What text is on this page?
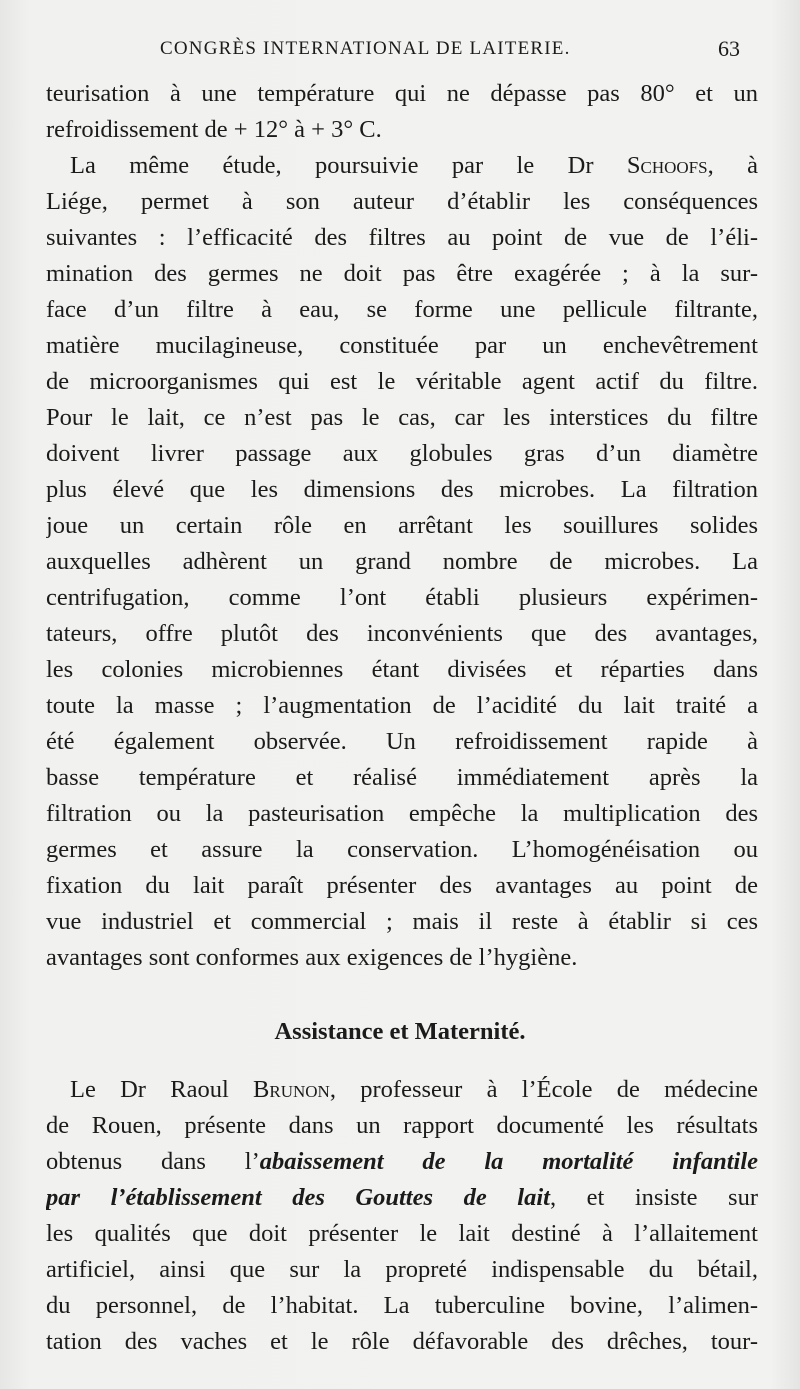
CONGRÈS INTERNATIONAL DE LAITERIE.	63
teurisation à une température qui ne dépasse pas 80° et un
refroidissement de + 12° à + 3° C.
La même étude, poursuivie par le Dr Schoofs, à
Liége, permet à son auteur d’établir les conséquences
suivantes : l’efficacité des filtres au point de vue de l’éli-
mination des germes ne doit pas être exagérée ; à la sur-
face d’un filtre à eau, se forme une pellicule filtrante,
matière mucilagineuse, constituée par un enchevêtrement
de microorganismes qui est le véritable agent actif du filtre.
Pour le lait, ce n’est pas le cas, car les interstices du filtre
doivent livrer passage aux globules gras d’un diamètre
plus élevé que les dimensions des microbes. La filtration
joue un certain rôle en arrêtant les souillures solides
auxquelles adhèrent un grand nombre de microbes. La
centrifugation, comme l’ont établi plusieurs expérimen-
tateurs, offre plutôt des inconvénients que des avantages,
les colonies microbiennes étant divisées et réparties dans
toute la masse ; l’augmentation de l’acidité du lait traité a
été également observée. Un refroidissement rapide à
basse température et réalisé immédiatement après la
filtration ou la pasteurisation empêche la multiplication des
germes et assure la conservation. L’homogénéisation ou
fixation du lait paraît présenter des avantages au point de
vue industriel et commercial ; mais il reste à établir si ces
avantages sont conformes aux exigences de l’hygiène.
Assistance et Maternité.
Le Dr Raoul Brunon, professeur à l’École de médecine
de Rouen, présente dans un rapport documenté les résultats
obtenus dans l’abaissement de la mortalité infantile
par l’établissement des Gouttes de lait, et insiste sur
les qualités que doit présenter le lait destiné à l’allaitement
artificiel, ainsi que sur la propreté indispensable du bétail,
du personnel, de l’habitat. La tuberculine bovine, l’alimen-
tation des vaches et le rôle défavorable des drêches, tour-
